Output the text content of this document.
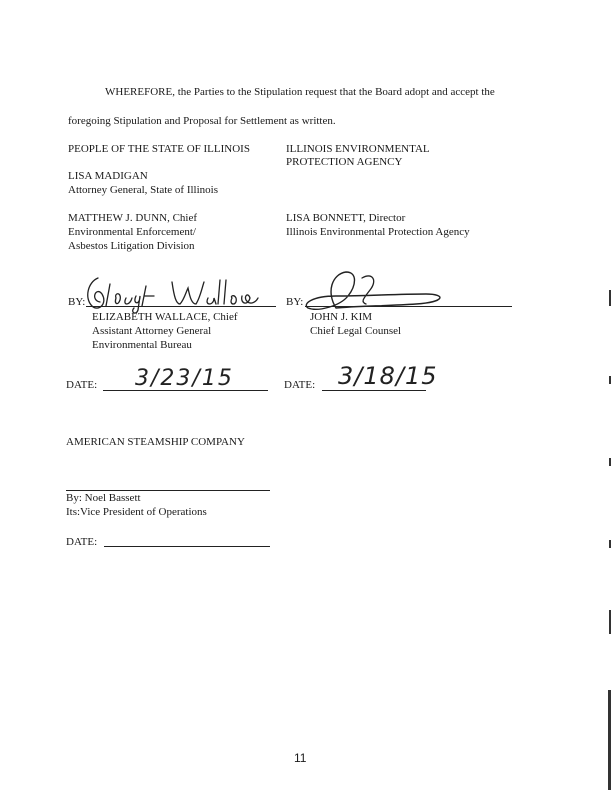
WHEREFORE, the Parties to the Stipulation request that the Board adopt and accept the
foregoing Stipulation and Proposal for Settlement as written.
PEOPLE OF THE STATE OF ILLINOIS	ILLINOIS ENVIRONMENTAL
PROTECTION AGENCY
LISA MADIGAN
Attorney General, State of Illinois
MATTHEW J. DUNN, Chief
Environmental Enforcement/
Asbestos Litigation Division
LISA BONNETT, Director
Illinois Environmental Protection Agency
BY:
ELIZABETH WALLACE, Chief
Assistant Attorney General
Environmental Bureau
BY:
JOHN J. KIM
Chief Legal Counsel
DATE: 3/23/15	DATE: 3/18/15
AMERICAN STEAMSHIP COMPANY
By: Noel Bassett
Its:Vice President of Operations
DATE:
11
